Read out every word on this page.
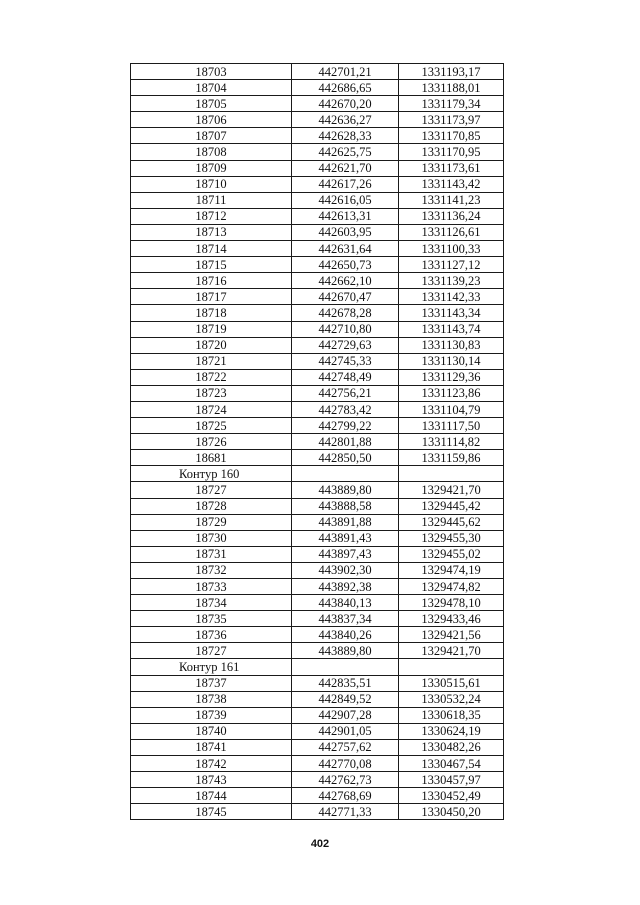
18703	442701,21	1331193,17
18704	442686,65	1331188,01
18705	442670,20	1331179,34
18706	442636,27	1331173,97
18707	442628,33	1331170,85
18708	442625,75	1331170,95
18709	442621,70	1331173,61
18710	442617,26	1331143,42
18711	442616,05	1331141,23
18712	442613,31	1331136,24
18713	442603,95	1331126,61
18714	442631,64	1331100,33
18715	442650,73	1331127,12
18716	442662,10	1331139,23
18717	442670,47	1331142,33
18718	442678,28	1331143,34
18719	442710,80	1331143,74
18720	442729,63	1331130,83
18721	442745,33	1331130,14
18722	442748,49	1331129,36
18723	442756,21	1331123,86
18724	442783,42	1331104,79
18725	442799,22	1331117,50
18726	442801,88	1331114,82
18681	442850,50	1331159,86
Контур 160		
18727	443889,80	1329421,70
18728	443888,58	1329445,42
18729	443891,88	1329445,62
18730	443891,43	1329455,30
18731	443897,43	1329455,02
18732	443902,30	1329474,19
18733	443892,38	1329474,82
18734	443840,13	1329478,10
18735	443837,34	1329433,46
18736	443840,26	1329421,56
18727	443889,80	1329421,70
Контур 161		
18737	442835,51	1330515,61
18738	442849,52	1330532,24
18739	442907,28	1330618,35
18740	442901,05	1330624,19
18741	442757,62	1330482,26
18742	442770,08	1330467,54
18743	442762,73	1330457,97
18744	442768,69	1330452,49
18745	442771,33	1330450,20
402
